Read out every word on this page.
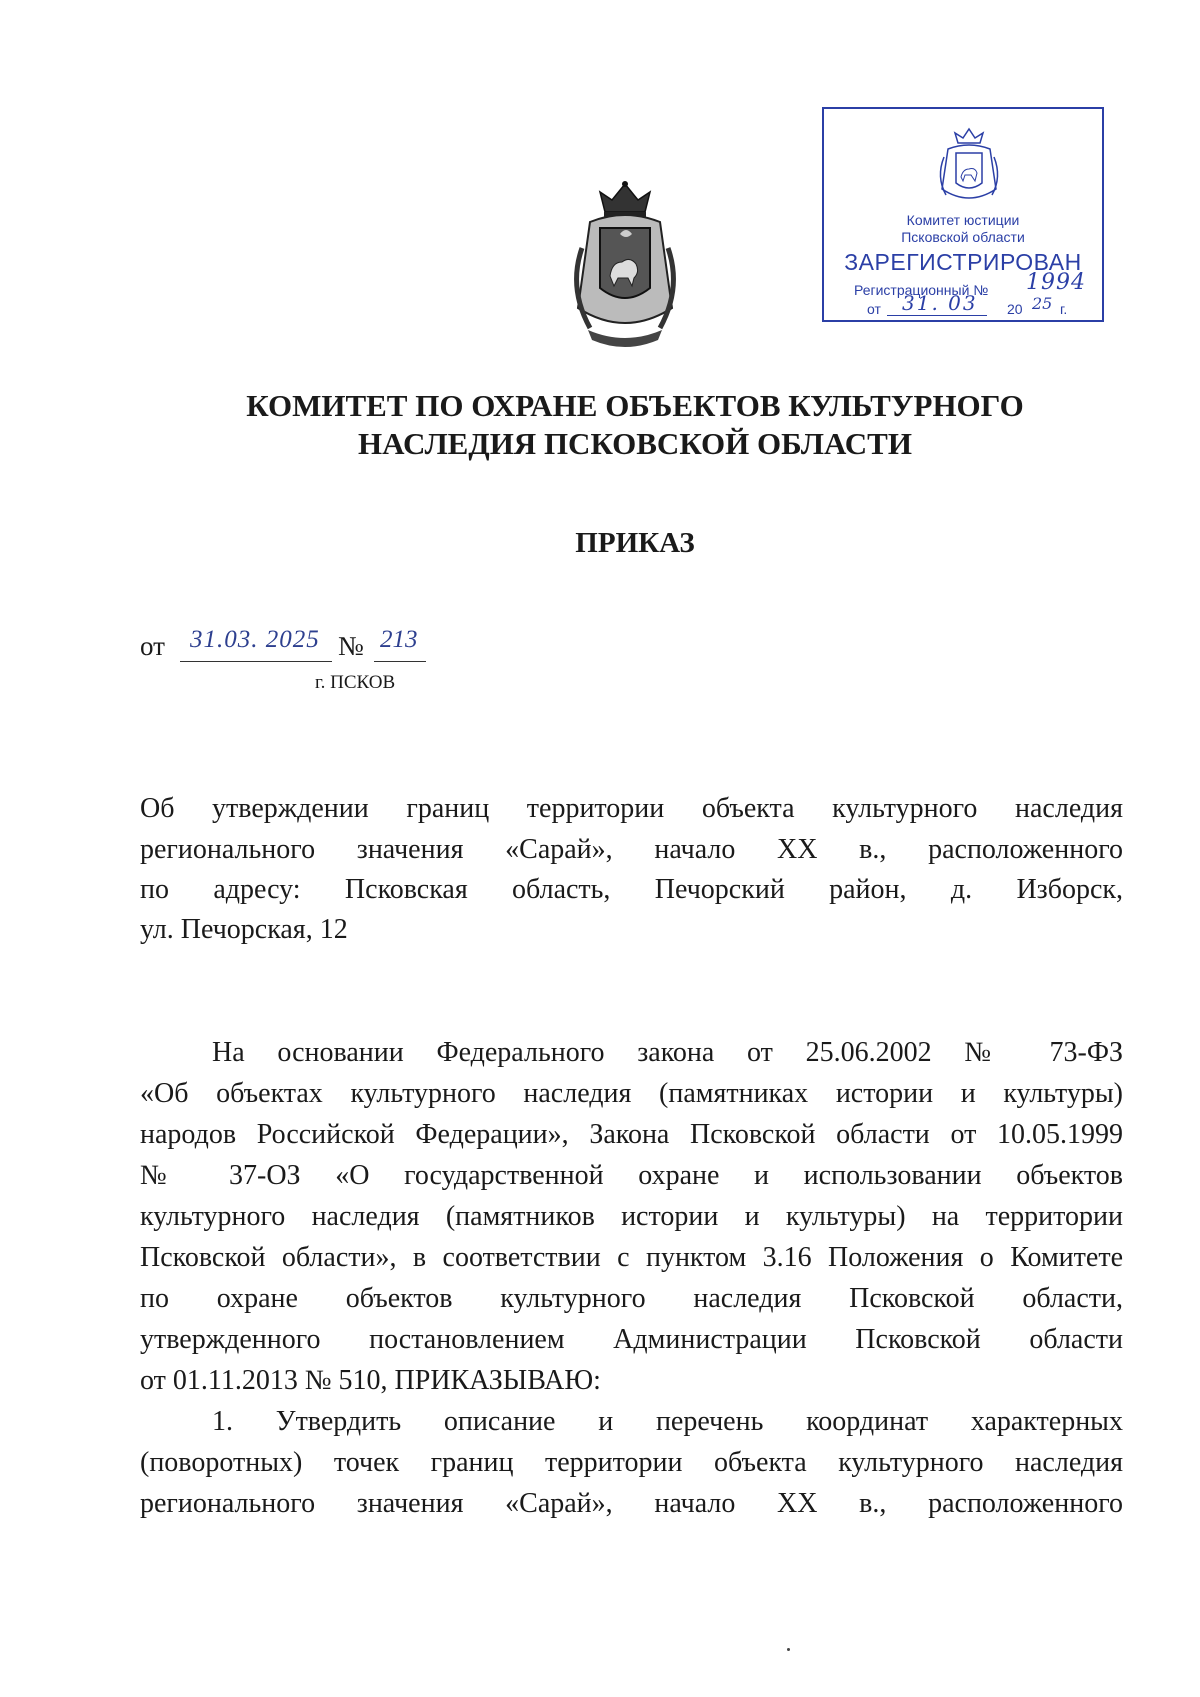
Комитет юстиции
Псковской области
ЗАРЕГИСТРИРОВАН
Регистрационный № 1994
от 31. 03 20 25 г.
КОМИТЕТ ПО ОХРАНЕ ОБЪЕКТОВ КУЛЬТУРНОГО
НАСЛЕДИЯ ПСКОВСКОЙ ОБЛАСТИ
ПРИКАЗ
от 31.03. 2025 № 213
г. ПСКОВ
Об утверждении границ территории объекта культурного наследия
регионального значения «Сарай», начало XX в., расположенного
по адресу: Псковская область, Печорский район, д. Изборск,
ул. Печорская, 12
На основании Федерального закона от 25.06.2002 № 73-ФЗ
«Об объектах культурного наследия (памятниках истории и культуры)
народов Российской Федерации», Закона Псковской области от 10.05.1999
№ 37-ОЗ «О государственной охране и использовании объектов
культурного наследия (памятников истории и культуры) на территории
Псковской области», в соответствии с пунктом 3.16 Положения о Комитете
по охране объектов культурного наследия Псковской области,
утвержденного постановлением Администрации Псковской области
от 01.11.2013 № 510, ПРИКАЗЫВАЮ:
1. Утвердить описание и перечень координат характерных
(поворотных) точек границ территории объекта культурного наследия
регионального значения «Сарай», начало XX в., расположенного
